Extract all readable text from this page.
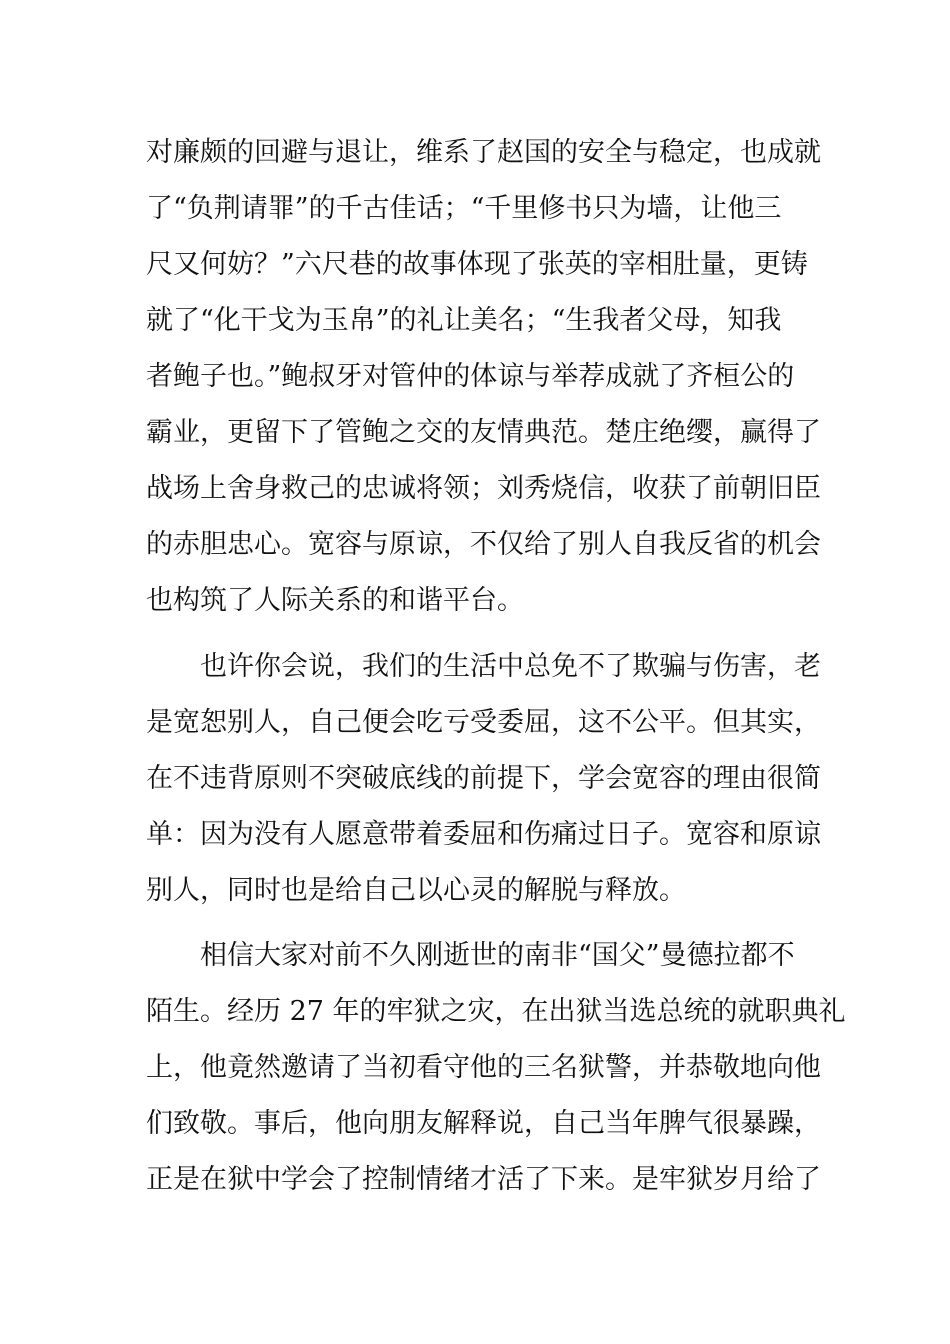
对廉颇的回避与退让，维系了赵国的安全与稳定，也成就
了“负荆请罪”的千古佳话；“千里修书只为墙，让他三
尺又何妨？”六尺巷的故事体现了张英的宰相肚量，更铸
就了“化干戈为玉帛”的礼让美名；“生我者父母，知我
者鲍子也。”鲍叔牙对管仲的体谅与举荐成就了齐桓公的
霸业，更留下了管鲍之交的友情典范。楚庄绝缨，赢得了
战场上舍身救己的忠诚将领；刘秀烧信，收获了前朝旧臣
的赤胆忠心。宽容与原谅，不仅给了别人自我反省的机会
也构筑了人际关系的和谐平台。
也许你会说，我们的生活中总免不了欺骗与伤害，老
是宽恕别人，自己便会吃亏受委屈，这不公平。但其实，
在不违背原则不突破底线的前提下，学会宽容的理由很简
单：因为没有人愿意带着委屈和伤痛过日子。宽容和原谅
别人，同时也是给自己以心灵的解脱与释放。
相信大家对前不久刚逝世的南非“国父”曼德拉都不
陌生。经历 27 年的牢狱之灾，在出狱当选总统的就职典礼
上，他竟然邀请了当初看守他的三名狱警，并恭敬地向他
们致敬。事后，他向朋友解释说，自己当年脾气很暴躁，
正是在狱中学会了控制情绪才活了下来。是牢狱岁月给了
